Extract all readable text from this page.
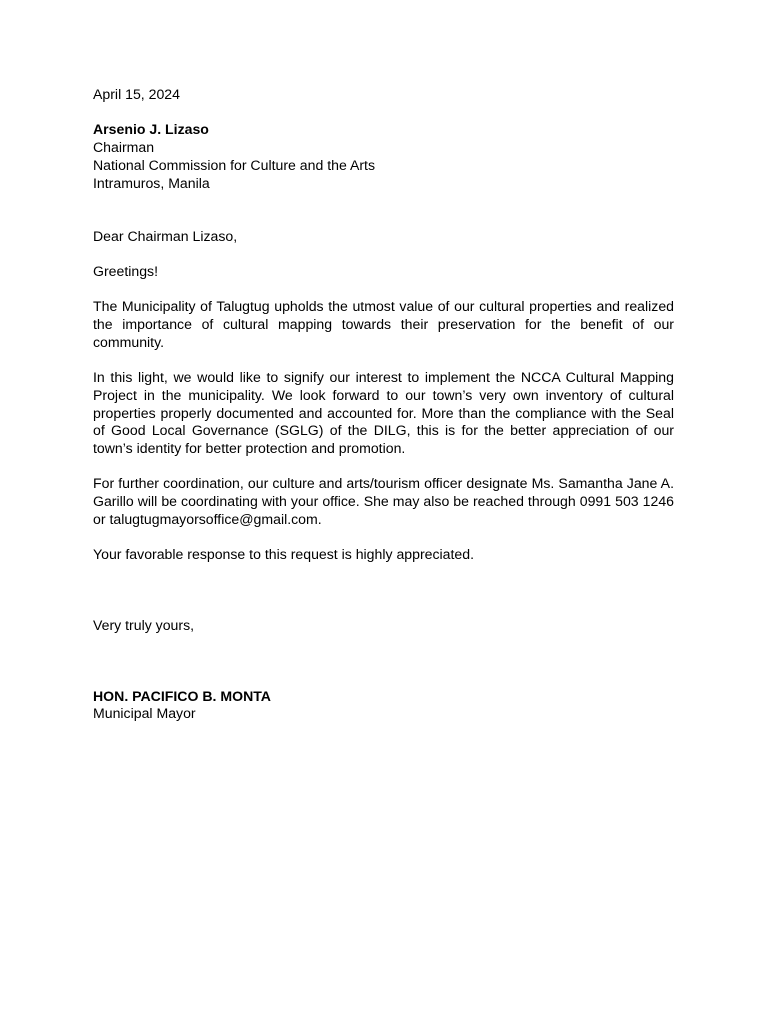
April 15, 2024

Arsenio J. Lizaso

Chairman

National Commission for Culture and the Arts

Intramuros, Manila

Dear Chairman Lizaso,

Greetings!

The Municipality of Talugtug upholds the utmost value of our cultural properties and realized the importance of cultural mapping towards their preservation for the benefit of our community.

In this light, we would like to signify our interest to implement the NCCA Cultural Mapping Project in the municipality. We look forward to our town’s very own inventory of cultural properties properly documented and accounted for. More than the compliance with the Seal of Good Local Governance (SGLG) of the DILG, this is for the better appreciation of our town’s identity for better protection and promotion.

For further coordination, our culture and arts/tourism officer designate Ms. Samantha Jane A. Garillo will be coordinating with your office. She may also be reached through 0991 503 1246 or talugtugmayorsoffice@gmail.com.

Your favorable response to this request is highly appreciated.

Very truly yours,

HON. PACIFICO B. MONTA

Municipal Mayor
